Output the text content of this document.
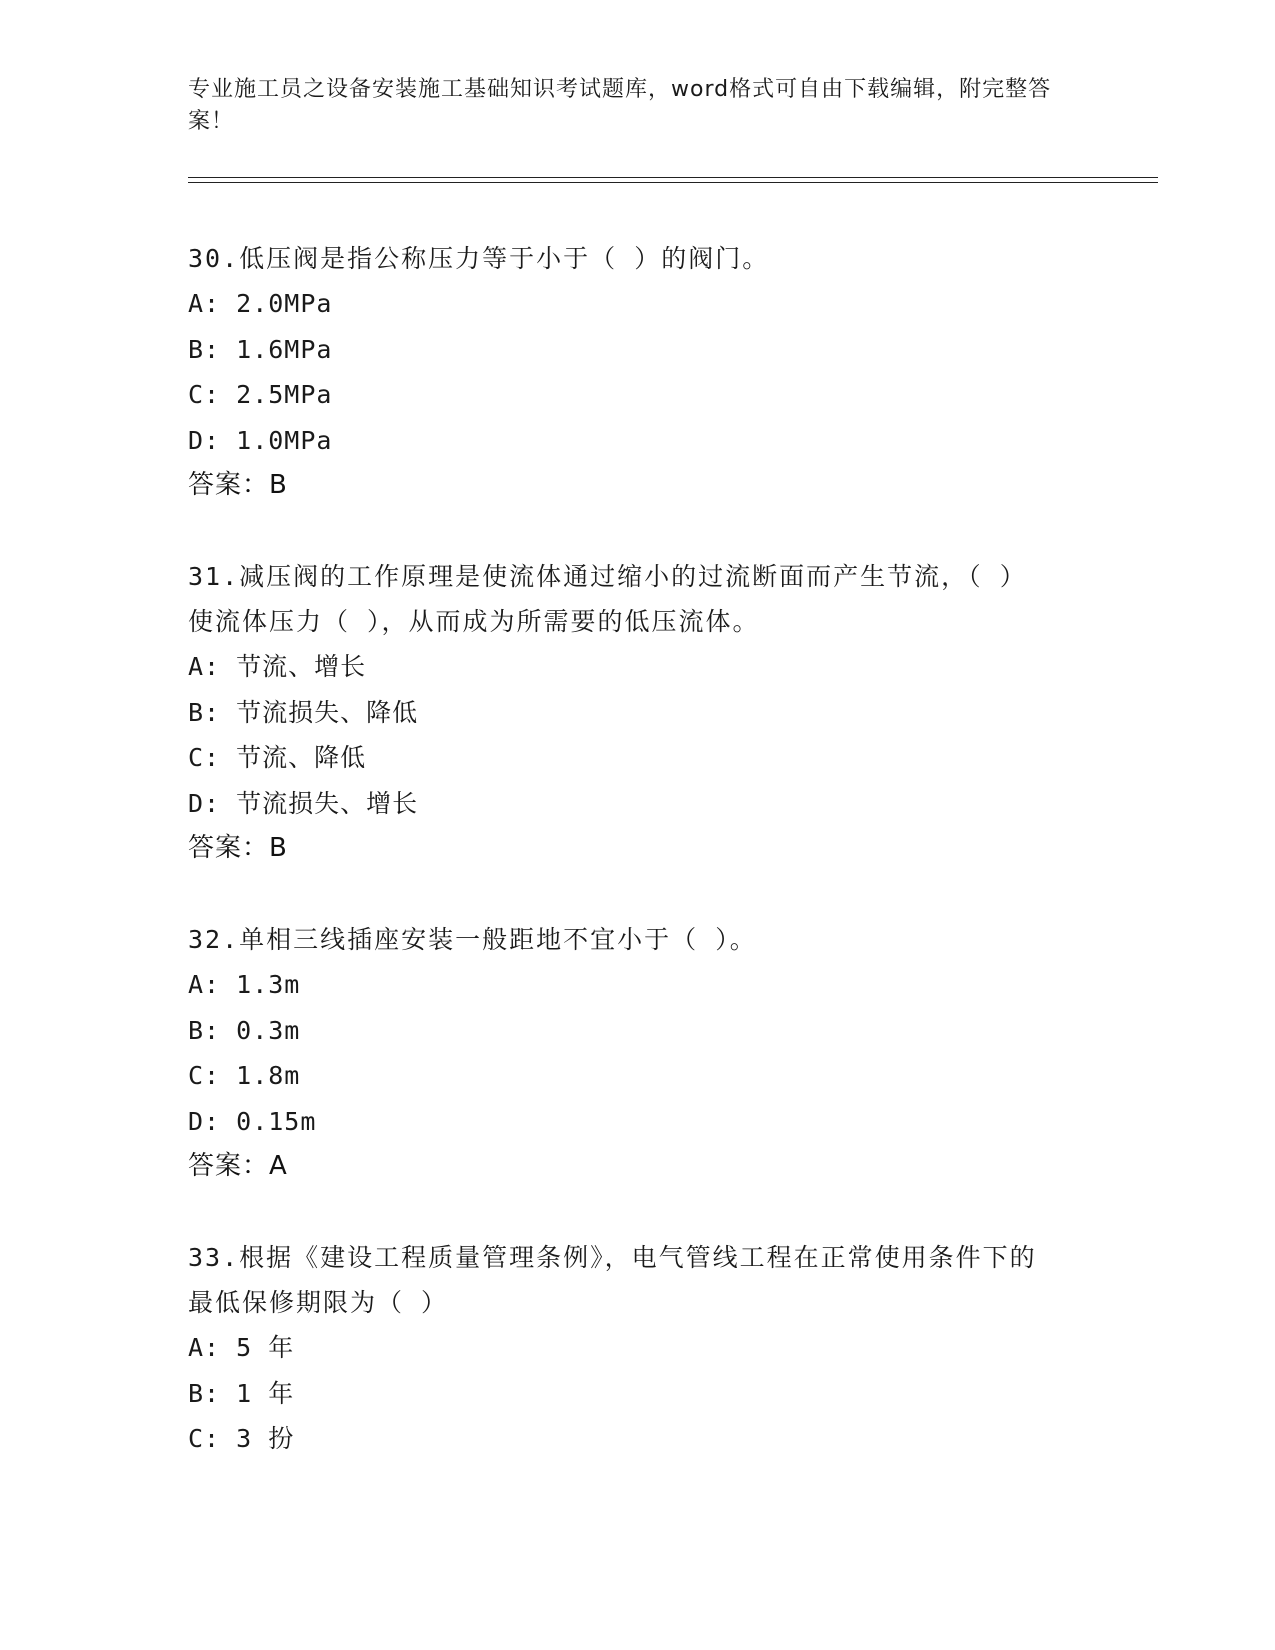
专业施工员之设备安装施工基础知识考试题库，word格式可自由下载编辑，附完整答案！
30.低压阀是指公称压力等于小于（ ）的阀门。
A: 2.0MPa
B: 1.6MPa
C: 2.5MPa
D: 1.0MPa
答案：B
31.减压阀的工作原理是使流体通过缩小的过流断面而产生节流，（ ）使流体压力（ ），从而成为所需要的低压流体。
A: 节流、增长
B: 节流损失、降低
C: 节流、降低
D: 节流损失、增长
答案：B
32.单相三线插座安装一般距地不宜小于（ ）。
A: 1.3m
B: 0.3m
C: 1.8m
D: 0.15m
答案：A
33.根据《建设工程质量管理条例》，电气管线工程在正常使用条件下的最低保修期限为（ ）
A: 5 年
B: 1 年
C: 3 扮
